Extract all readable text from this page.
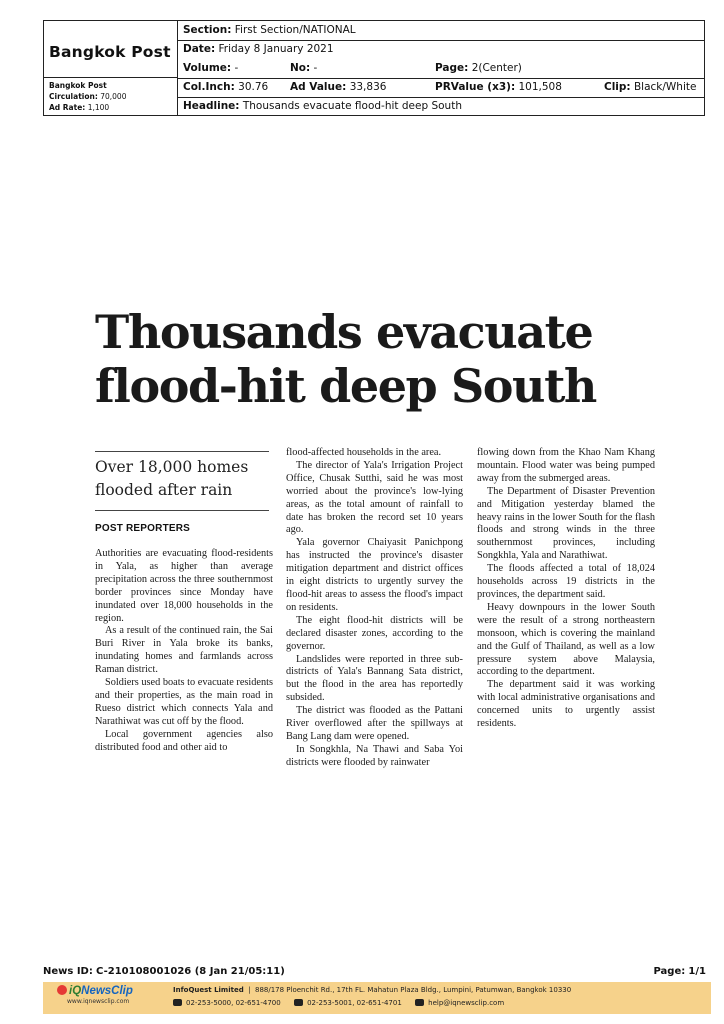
Bangkok Post
Bangkok Post
Circulation: 70,000
Ad Rate: 1,100
Section: First Section/NATIONAL
Date: Friday 8 January 2021
Volume: -	No: -	Page: 2(Center)
Col.Inch: 30.76 Ad Value: 33,836	PRValue (x3): 101,508	Clip: Black/White
Headline: Thousands evacuate flood-hit deep South
Thousands evacuate
flood-hit deep South
Over 18,000 homes
flooded after rain
POST REPORTERS

Authorities are evacuating flood-residents in Yala, as higher than average precipitation across the three southernmost border provinces since Monday have inundated over 18,000 households in the region.

As a result of the continued rain, the Sai Buri River in Yala broke its banks, inundating homes and farmlands across Raman district.

Soldiers used boats to evacuate residents and their properties, as the main road in Rueso district which connects Yala and Narathiwat was cut off by the flood.

Local government agencies also distributed food and other aid to

flood-affected households in the area.

The director of Yala's Irrigation Project Office, Chusak Sutthi, said he was most worried about the province's low-lying areas, as the total amount of rainfall to date has broken the record set 10 years ago.

Yala governor Chaiyasit Panichpong has instructed the province's disaster mitigation department and district offices in eight districts to urgently survey the flood-hit areas to assess the flood's impact on residents.

The eight flood-hit districts will be declared disaster zones, according to the governor.

Landslides were reported in three sub-districts of Yala's Bannang Sata district, but the flood in the area has reportedly subsided.

The district was flooded as the Pattani River overflowed after the spillways at Bang Lang dam were opened.

In Songkhla, Na Thawi and Saba Yoi districts were flooded by rainwater

flowing down from the Khao Nam Khang mountain. Flood water was being pumped away from the submerged areas.

The Department of Disaster Prevention and Mitigation yesterday blamed the heavy rains in the lower South for the flash floods and strong winds in the three southernmost provinces, including Songkhla, Yala and Narathiwat.

The floods affected a total of 18,024 households across 19 districts in the provinces, the department said.

Heavy downpours in the lower South were the result of a strong northeastern monsoon, which is covering the mainland and the Gulf of Thailand, as well as a low pressure system above Malaysia, according to the department.

The department said it was working with local administrative organisations and concerned units to urgently assist residents.

News ID: C-210108001026 (8 Jan 21/05:11)	Page: 1/1
iQNewsClip
www.iqnewsclip.com
InfoQuest Limited  |  888/178 Ploenchit Rd., 17th FL. Mahatun Plaza Bldg., Lumpini, Patumwan, Bangkok 10330
02-253-5000, 02-651-4700	02-253-5001, 02-651-4701	help@iqnewsclip.com
